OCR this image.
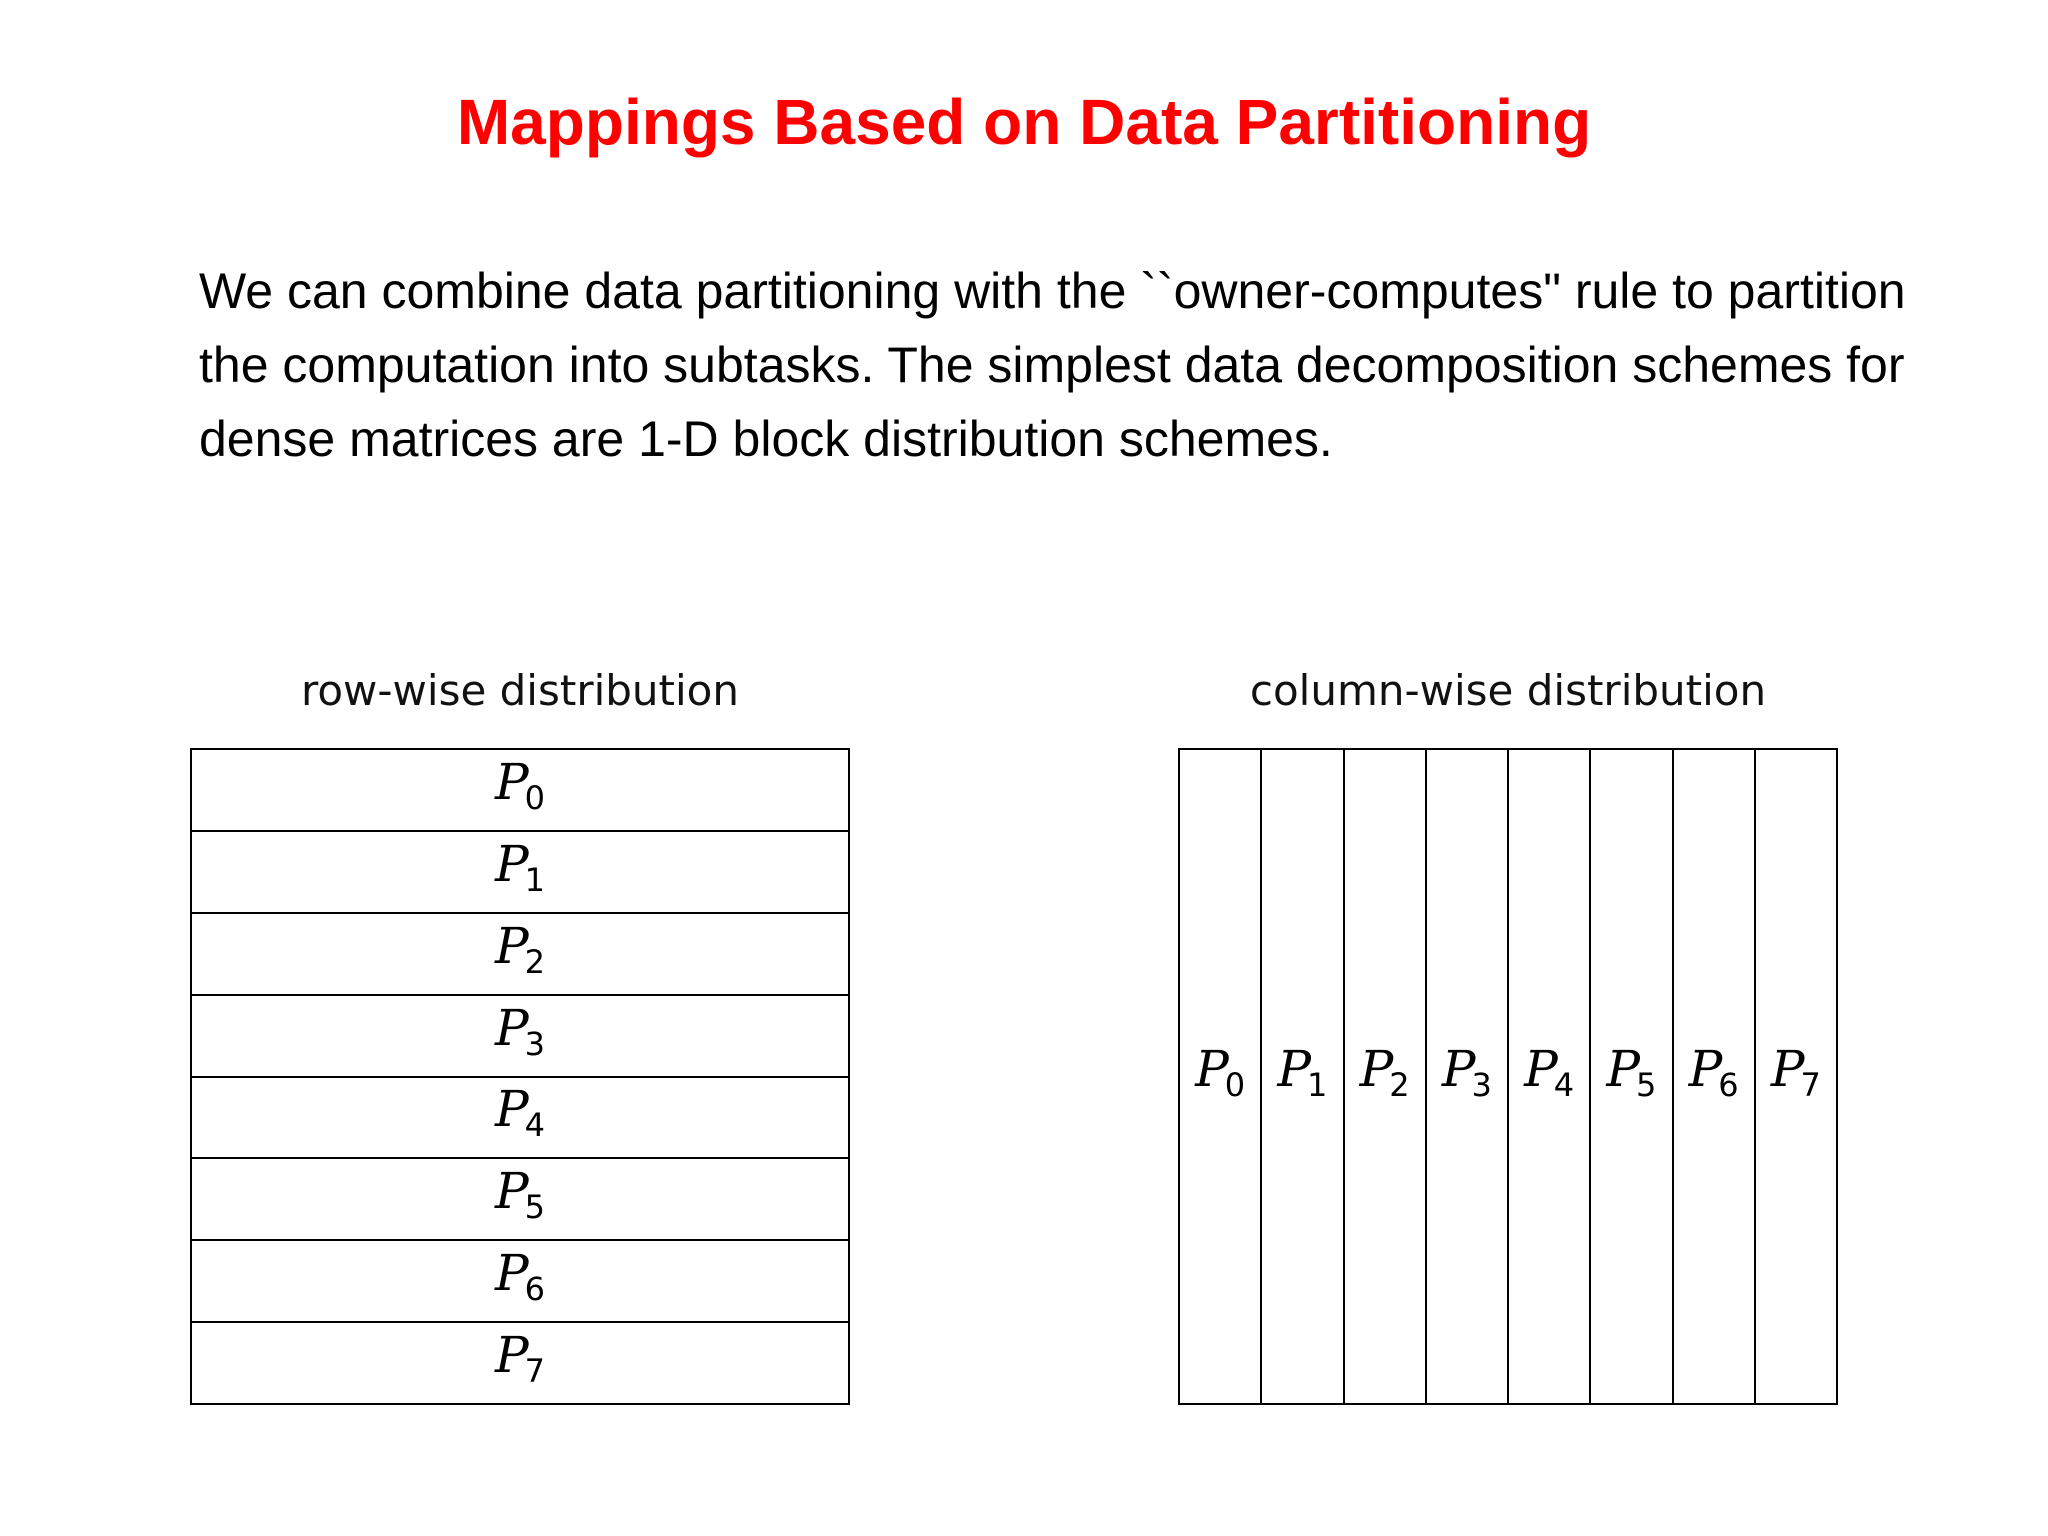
Mappings Based on Data Partitioning

We can combine data partitioning with the ``owner-computes" rule to partition the computation into subtasks. The simplest data decomposition schemes for dense matrices are 1-D block distribution schemes.

row-wise distribution	column-wise distribution
$P_0$
$P_1$
$P_2$
$P_3$
$P_4$
$P_5$
$P_6$
$P_7$
$P_0$ $P_1$ $P_2$ $P_3$ $P_4$ $P_5$ $P_6$ $P_7$
